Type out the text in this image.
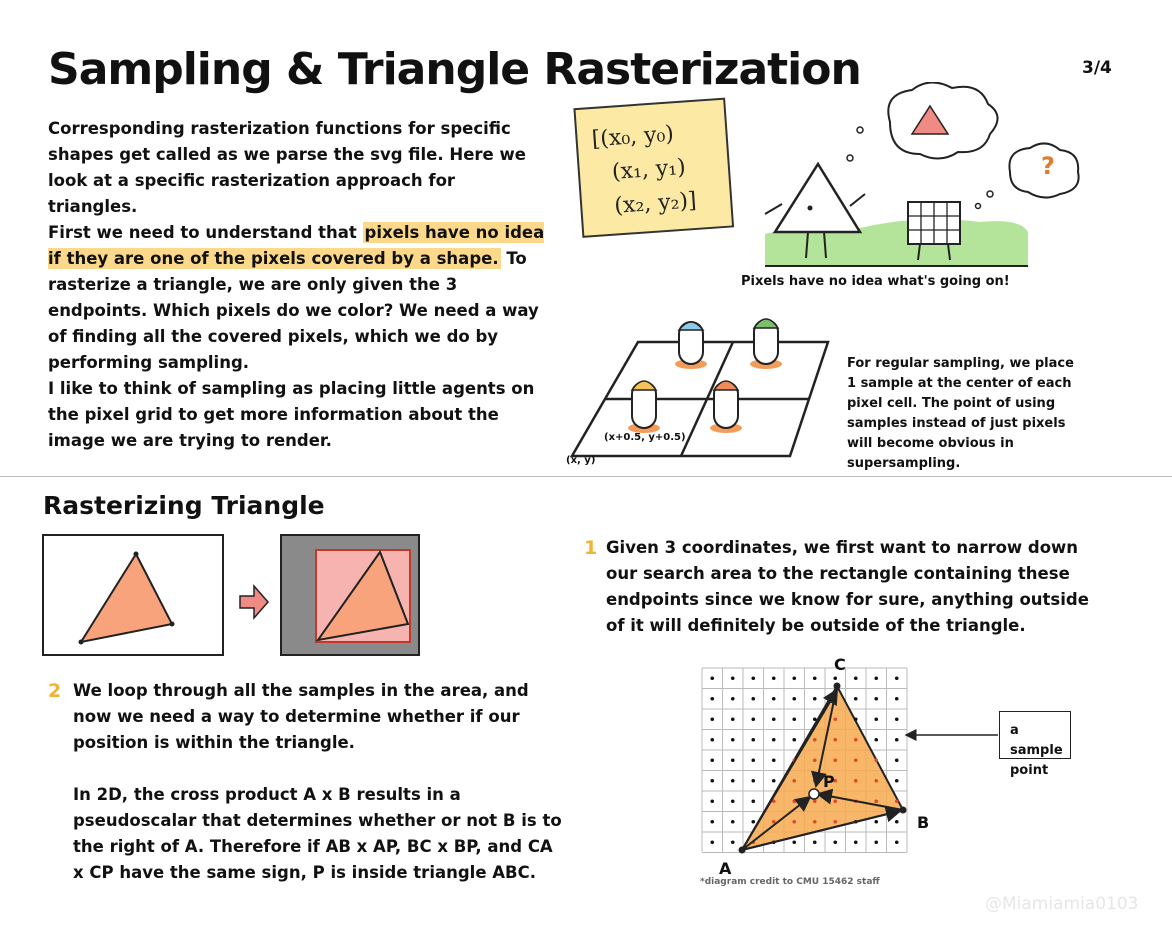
Sampling & Triangle Rasterization	3/4
Corresponding rasterization functions for specific shapes get called as we parse the svg file. Here we look at a specific rasterization approach for triangles.
First we need to understand that pixels have no idea if they are one of the pixels covered by a shape. To rasterize a triangle, we are only given the 3 endpoints. Which pixels do we color? We need a way of finding all the covered pixels, which we do by performing sampling.
I like to think of sampling as placing little agents on the pixel grid to get more information about the image we are trying to render.
[(x₀, y₀)
(x₁, y₁)
(x₂, y₂)]
?
Pixels have no idea what's going on!
(x+0.5, y+0.5)
(x, y)
For regular sampling, we place 1 sample at the center of each pixel cell. The point of using samples instead of just pixels will become obvious in supersampling.
Rasterizing Triangle
1 Given 3 coordinates, we first want to narrow down our search area to the rectangle containing these endpoints since we know for sure, anything outside of it will definitely be outside of the triangle.
2 We loop through all the samples in the area, and now we need a way to determine whether if our position is within the triangle.
In 2D, the cross product A x B results in a pseudoscalar that determines whether or not B is to the right of A. Therefore if AB x AP, BC x BP, and CA x CP have the same sign, P is inside triangle ABC.
C
P
B
A
a sample point
*diagram credit to CMU 15462 staff
@Miamiamia0103
